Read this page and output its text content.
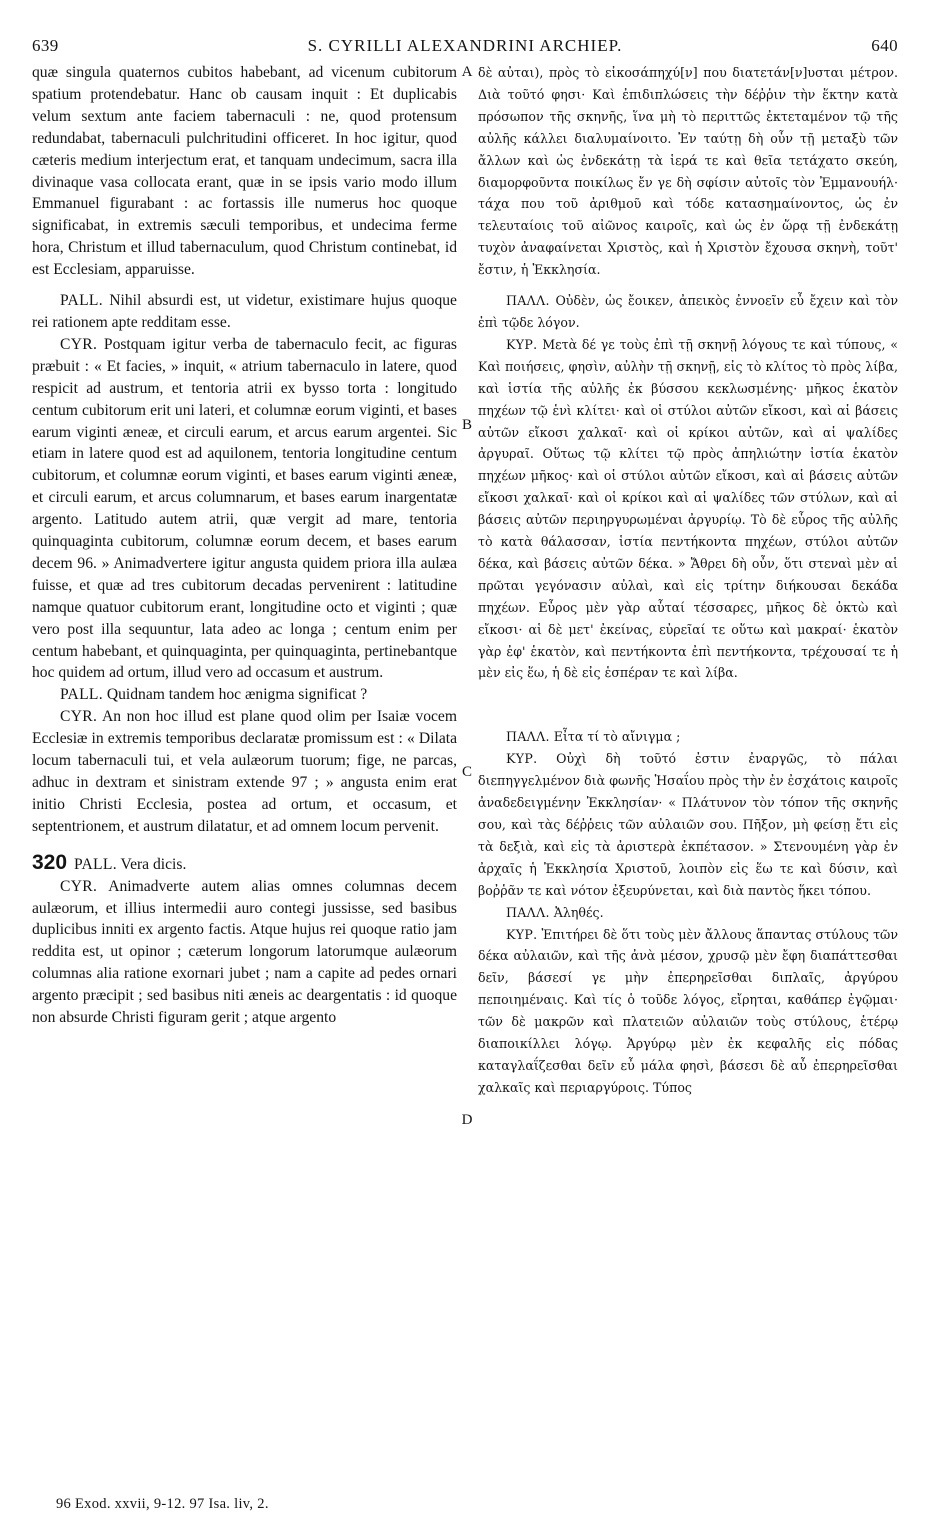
639	S. CYRILLI ALEXANDRINI ARCHIEP.	640
A
B
C
D

quæ singula quaternos cubitos habebant, ad vicenum cubitorum spatium protendebatur. Hanc ob causam inquit : Et duplicabis velum sextum ante faciem tabernaculi : ne, quod protensum redundabat, tabernaculi pulchritudini officeret. In hoc igitur, quod cæteris medium interjectum erat, et tanquam undecimum, sacra illa divinaque vasa collocata erant, quæ in se ipsis vario modo illum Emmanuel figurabant : ac fortassis ille numerus hoc quoque significabat, in extremis sæculi temporibus, et undecima ferme hora, Christum et illud tabernaculum, quod Christum continebat, id est Ecclesiam, apparuisse.

PALL. Nihil absurdi est, ut videtur, existimare hujus quoque rei rationem apte redditam esse.

CYR. Postquam igitur verba de tabernaculo fecit, ac figuras præbuit : « Et facies, » inquit, « atrium tabernaculo in latere, quod respicit ad austrum, et tentoria atrii ex bysso torta : longitudo centum cubitorum erit uni lateri, et columnæ eorum viginti, et bases earum viginti æneæ, et circuli earum, et arcus earum argentei. Sic etiam in latere quod est ad aquilonem, tentoria longitudine centum cubitorum, et columnæ eorum viginti, et bases earum viginti æneæ, et circuli earum, et arcus columnarum, et bases earum inargentatæ argento. Latitudo autem atrii, quæ vergit ad mare, tentoria quinquaginta cubitorum, columnæ eorum decem, et bases earum decem 96. » Animadvertere igitur angusta quidem priora illa aulæa fuisse, et quæ ad tres cubitorum decadas pervenirent : latitudine namque quatuor cubitorum erant, longitudine octo et viginti ; quæ vero post illa sequuntur, lata adeo ac longa ; centum enim per centum habebant, et quinquaginta, per quinquaginta, pertinebantque hoc quidem ad ortum, illud vero ad occasum et austrum.

PALL. Quidnam tandem hoc ænigma significat ?

CYR. An non hoc illud est plane quod olim per Isaiæ vocem Ecclesiæ in extremis temporibus declaratæ promissum est : « Dilata locum tabernaculi tui, et vela aulæorum tuorum; fige, ne parcas, adhuc in dextram et sinistram extende 97 ; » angusta enim erat initio Christi Ecclesia, postea ad ortum, et occasum, et septentrionem, et austrum dilatatur, et ad omnem locum pervenit.

320 PALL. Vera dicis.

CYR. Animadverte autem alias omnes columnas decem aulæorum, et illius intermedii auro contegi jussisse, sed basibus duplicibus inniti ex argento factis. Atque hujus rei quoque ratio jam reddita est, ut opinor ; cæterum longorum latorumque aulæorum columnas alia ratione exornari jubet ; nam a capite ad pedes ornari argento præcipit ; sed basibus niti æneis ac deargentatis : id quoque non absurde Christi figuram gerit ; atque argento

δὲ αὐται), πρὸς τὸ εἰκοσάπηχύ[ν] που διατετάν[ν]υσται μέτρον. Διὰ τοῦτό φησι· Καὶ ἐπιδιπλώσεις τὴν δέῤῥιν τὴν ἕκτην κατὰ πρόσωπον τῆς σκηνῆς, ἵνα μὴ τὸ περιττῶς ἐκτεταμένον τῷ τῆς αὐλῆς κάλλει διαλυμαίνοιτο. Ἐν ταύτῃ δὴ οὖν τῇ μεταξὺ τῶν ἄλλων καὶ ὡς ἐνδεκάτῃ τὰ ἱερά τε καὶ θεῖα τετάχατο σκεύη, διαμορφοῦντα ποικίλως ἔν γε δὴ σφίσιν αὐτοῖς τὸν Ἐμμανουήλ· τάχα που τοῦ ἀριθμοῦ καὶ τόδε κατασημαίνοντος, ὡς ἐν τελευταίοις τοῦ αἰῶνος καιροῖς, καὶ ὡς ἐν ὥρᾳ τῇ ἐνδεκάτῃ τυχὸν ἀναφαίνεται Χριστὸς, καὶ ἡ Χριστὸν ἔχουσα σκηνὴ, τοῦτ' ἔστιν, ἡ Ἐκκλησία.

ΠΑΛΛ. Οὐδὲν, ὡς ἔοικεν, ἀπεικὸς ἐννοεῖν εὖ ἔχειν καὶ τὸν ἐπὶ τῷδε λόγον.

ΚΥΡ. Μετὰ δέ γε τοὺς ἐπὶ τῇ σκηνῇ λόγους τε καὶ τύπους, « Καὶ ποιήσεις, φησὶν, αὐλὴν τῇ σκηνῇ, εἰς τὸ κλίτος τὸ πρὸς λίβα, καὶ ἱστία τῆς αὐλῆς ἐκ βύσσου κεκλωσμένης· μῆκος ἑκατὸν πηχέων τῷ ἑνὶ κλίτει· καὶ οἱ στύλοι αὐτῶν εἴκοσι, καὶ αἱ βάσεις αὐτῶν εἴκοσι χαλκαῖ· καὶ οἱ κρίκοι αὐτῶν, καὶ αἱ ψαλίδες ἀργυραῖ. Οὕτως τῷ κλίτει τῷ πρὸς ἀπηλιώτην ἱστία ἑκατὸν πηχέων μῆκος· καὶ οἱ στύλοι αὐτῶν εἴκοσι, καὶ αἱ βάσεις αὐτῶν εἴκοσι χαλκαῖ· καὶ οἱ κρίκοι καὶ αἱ ψαλίδες τῶν στύλων, καὶ αἱ βάσεις αὐτῶν περιηργυρωμέναι ἀργυρίῳ. Τὸ δὲ εὖρος τῆς αὐλῆς τὸ κατὰ θάλασσαν, ἱστία πεντήκοντα πηχέων, στύλοι αὐτῶν δέκα, καὶ βάσεις αὐτῶν δέκα. » Ἄθρει δὴ οὖν, ὅτι στεναὶ μὲν αἱ πρῶται γεγόνασιν αὐλαὶ, καὶ εἰς τρίτην διήκουσαι δεκάδα πηχέων. Εὖρος μὲν γὰρ αὗταί τέσσαρες, μῆκος δὲ ὀκτὼ καὶ εἴκοσι· αἱ δὲ μετ' ἐκείνας, εὐρεῖαί τε οὕτω καὶ μακραί· ἑκατὸν γὰρ ἐφ' ἑκατὸν, καὶ πεντήκοντα ἐπὶ πεντήκοντα, τρέχουσαί τε ἡ μὲν εἰς ἕω, ἡ δὲ εἰς ἑσπέραν τε καὶ λίβα.

ΠΑΛΛ. Εἶτα τί τὸ αἴνιγμα ;

ΚΥΡ. Οὐχὶ δὴ τοῦτό ἐστιν ἐναργῶς, τὸ πάλαι διεπηγγελμένον διὰ φωνῆς Ἡσαΐου πρὸς τὴν ἐν ἐσχάτοις καιροῖς ἀναδεδειγμένην Ἐκκλησίαν· « Πλάτυνον τὸν τόπον τῆς σκηνῆς σου, καὶ τὰς δέῤῥεις τῶν αὐλαιῶν σου. Πῆξον, μὴ φείσῃ ἔτι εἰς τὰ δεξιὰ, καὶ εἰς τὰ ἀριστερὰ ἐκπέτασον. » Στενουμένη γὰρ ἐν ἀρχαῖς ἡ Ἐκκλησία Χριστοῦ, λοιπὸν εἰς ἕω τε καὶ δύσιν, καὶ βοῤῥᾶν τε καὶ νότον ἐξευρύνεται, καὶ διὰ παντὸς ἥκει τόπου.

ΠΑΛΛ. Ἀληθές.

ΚΥΡ. Ἐπιτήρει δὲ ὅτι τοὺς μὲν ἄλλους ἅπαντας στύλους τῶν δέκα αὐλαιῶν, καὶ τῆς ἀνὰ μέσον, χρυσῷ μὲν ἔφη διαπάττεσθαι δεῖν, βάσεσί γε μὴν ἐπερηρεῖσθαι διπλαῖς, ἀργύρου πεποιημέναις. Καὶ τίς ὁ τοῦδε λόγος, εἴρηται, καθάπερ ἐγῷμαι· τῶν δὲ μακρῶν καὶ πλατειῶν αὐλαιῶν τοὺς στύλους, ἑτέρῳ διαποικίλλει λόγῳ. Ἀργύρῳ μὲν ἐκ κεφαλῆς εἰς πόδας καταγλαΐζεσθαι δεῖν εὖ μάλα φησὶ, βάσεσι δὲ αὖ ἐπερηρεῖσθαι χαλκαῖς καὶ περιαργύροις. Τύπος

96 Exod. xxvii, 9-12. 97 Isa. liv, 2.
